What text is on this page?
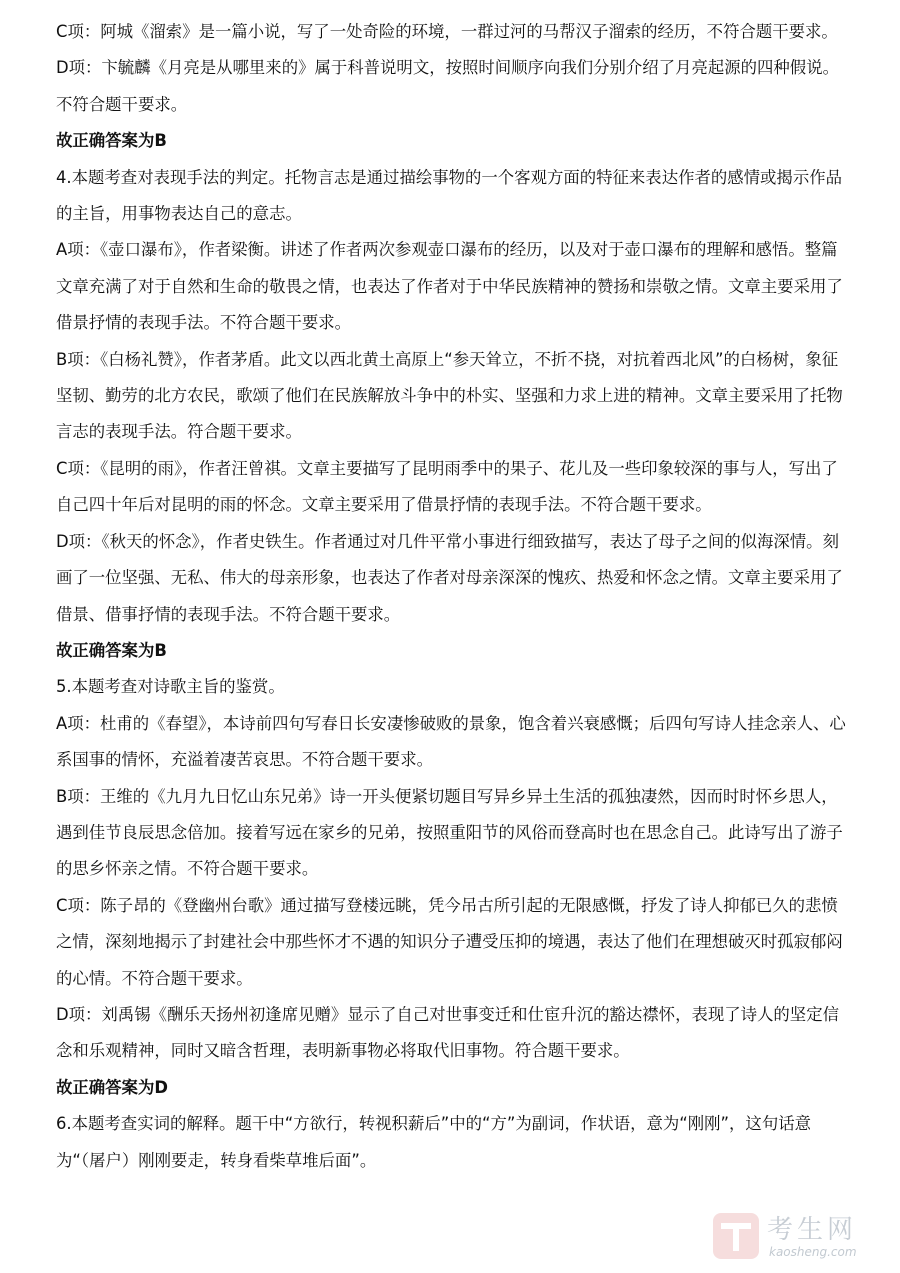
C项：阿城《溜索》是一篇小说，写了一处奇险的环境，一群过河的马帮汉子溜索的经历，不符合题干要求。

D项：卞毓麟《月亮是从哪里来的》属于科普说明文，按照时间顺序向我们分别介绍了月亮起源的四种假说。不符合题干要求。

故正确答案为B

4.本题考查对表现手法的判定。托物言志是通过描绘事物的一个客观方面的特征来表达作者的感情或揭示作品的主旨，用事物表达自己的意志。

A项：《壶口瀑布》，作者梁衡。讲述了作者两次参观壶口瀑布的经历，以及对于壶口瀑布的理解和感悟。整篇文章充满了对于自然和生命的敬畏之情，也表达了作者对于中华民族精神的赞扬和崇敬之情。文章主要采用了借景抒情的表现手法。不符合题干要求。

B项：《白杨礼赞》，作者茅盾。此文以西北黄土高原上“参天耸立，不折不挠，对抗着西北风”的白杨树，象征坚韧、勤劳的北方农民，歌颂了他们在民族解放斗争中的朴实、坚强和力求上进的精神。文章主要采用了托物言志的表现手法。符合题干要求。

C项：《昆明的雨》，作者汪曾祺。文章主要描写了昆明雨季中的果子、花儿及一些印象较深的事与人，写出了自己四十年后对昆明的雨的怀念。文章主要采用了借景抒情的表现手法。不符合题干要求。

D项：《秋天的怀念》，作者史铁生。作者通过对几件平常小事进行细致描写，表达了母子之间的似海深情。刻画了一位坚强、无私、伟大的母亲形象，也表达了作者对母亲深深的愧疚、热爱和怀念之情。文章主要采用了借景、借事抒情的表现手法。不符合题干要求。

故正确答案为B

5.本题考查对诗歌主旨的鉴赏。

A项：杜甫的《春望》，本诗前四句写春日长安凄惨破败的景象，饱含着兴衰感慨；后四句写诗人挂念亲人、心系国事的情怀，充溢着凄苦哀思。不符合题干要求。

B项：王维的《九月九日忆山东兄弟》诗一开头便紧切题目写异乡异土生活的孤独凄然，因而时时怀乡思人，遇到佳节良辰思念倍加。接着写远在家乡的兄弟，按照重阳节的风俗而登高时也在思念自己。此诗写出了游子的思乡怀亲之情。不符合题干要求。

C项：陈子昂的《登幽州台歌》通过描写登楼远眺，凭今吊古所引起的无限感慨，抒发了诗人抑郁已久的悲愤之情，深刻地揭示了封建社会中那些怀才不遇的知识分子遭受压抑的境遇，表达了他们在理想破灭时孤寂郁闷的心情。不符合题干要求。

D项：刘禹锡《酬乐天扬州初逢席见赠》显示了自己对世事变迁和仕宦升沉的豁达襟怀，表现了诗人的坚定信念和乐观精神，同时又暗含哲理，表明新事物必将取代旧事物。符合题干要求。

故正确答案为D

6.本题考查实词的解释。题干中“方欲行，转视积薪后”中的“方”为副词，作状语，意为“刚刚”，这句话意为“（屠户）刚刚要走，转身看柴草堆后面”。

考生网
kaosheng.com
